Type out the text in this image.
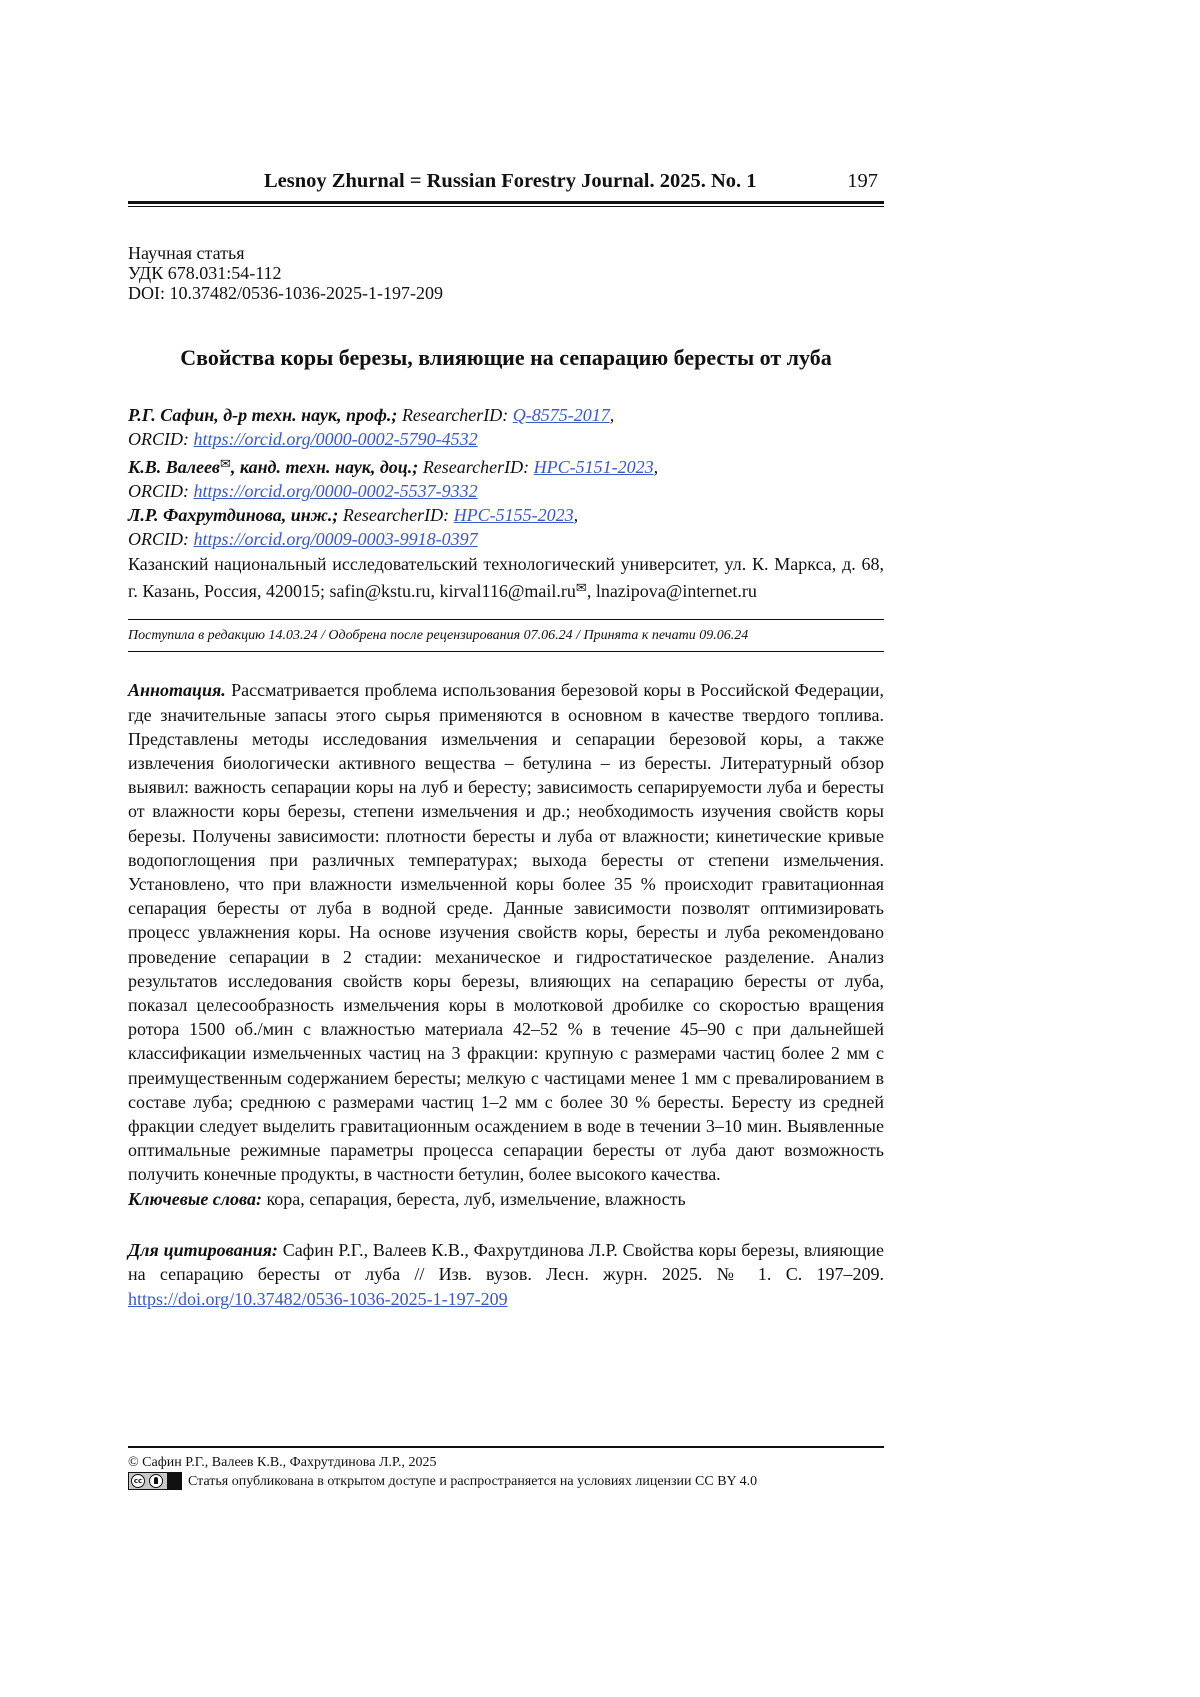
Lesnoy Zhurnal = Russian Forestry Journal. 2025. No. 1	197
Научная статья
УДК 678.031:54-112
DOI: 10.37482/0536-1036-2025-1-197-209
Свойства коры березы, влияющие на сепарацию бересты от луба
Р.Г. Сафин, д-р техн. наук, проф.; ResearcherID: Q-8575-2017,
ORCID: https://orcid.org/0000-0002-5790-4532
К.В. Валеев✉, канд. техн. наук, доц.; ResearcherID: HPC-5151-2023,
ORCID: https://orcid.org/0000-0002-5537-9332
Л.Р. Фахрутдинова, инж.; ResearcherID: HPC-5155-2023,
ORCID: https://orcid.org/0009-0003-9918-0397
Казанский национальный исследовательский технологический университет, ул. К. Маркса, д. 68, г. Казань, Россия, 420015; safin@kstu.ru, kirval116@mail.ru✉, lnazipova@internet.ru
Поступила в редакцию 14.03.24 / Одобрена после рецензирования 07.06.24 / Принята к печати 09.06.24
Аннотация. Рассматривается проблема использования березовой коры в Российской Федерации, где значительные запасы этого сырья применяются в основном в качестве твердого топлива. Представлены методы исследования измельчения и сепарации березовой коры, а также извлечения биологически активного вещества – бетулина – из бересты. Литературный обзор выявил: важность сепарации коры на луб и бересту; зависимость сепарируемости луба и бересты от влажности коры березы, степени измельчения и др.; необходимость изучения свойств коры березы. Получены зависимости: плотности бересты и луба от влажности; кинетические кривые водопоглощения при различных температурах; выхода бересты от степени измельчения. Установлено, что при влажности измельченной коры более 35 % происходит гравитационная сепарация бересты от луба в водной среде. Данные зависимости позволят оптимизировать процесс увлажнения коры. На основе изучения свойств коры, бересты и луба рекомендовано проведение сепарации в 2 стадии: механическое и гидростатическое разделение. Анализ результатов исследования свойств коры березы, влияющих на сепарацию бересты от луба, показал целесообразность измельчения коры в молотковой дробилке со скоростью вращения ротора 1500 об./мин с влажностью материала 42–52 % в течение 45–90 с при дальнейшей классификации измельченных частиц на 3 фракции: крупную с размерами частиц более 2 мм с преимущественным содержанием бересты; мелкую с частицами менее 1 мм с превалированием в составе луба; среднюю с размерами частиц 1–2 мм с более 30 % бересты. Бересту из средней фракции следует выделить гравитационным осаждением в воде в течении 3–10 мин. Выявленные оптимальные режимные параметры процесса сепарации бересты от луба дают возможность получить конечные продукты, в частности бетулин, более высокого качества.
Ключевые слова: кора, сепарация, береста, луб, измельчение, влажность
Для цитирования: Сафин Р.Г., Валеев К.В., Фахрутдинова Л.Р. Свойства коры березы, влияющие на сепарацию бересты от луба // Изв. вузов. Лесн. журн. 2025. № 1. С. 197–209. https://doi.org/10.37482/0536-1036-2025-1-197-209
© Сафин Р.Г., Валеев К.В., Фахрутдинова Л.Р., 2025
cc	Статья опубликована в открытом доступе и распространяется на условиях лицензии CC BY 4.0
